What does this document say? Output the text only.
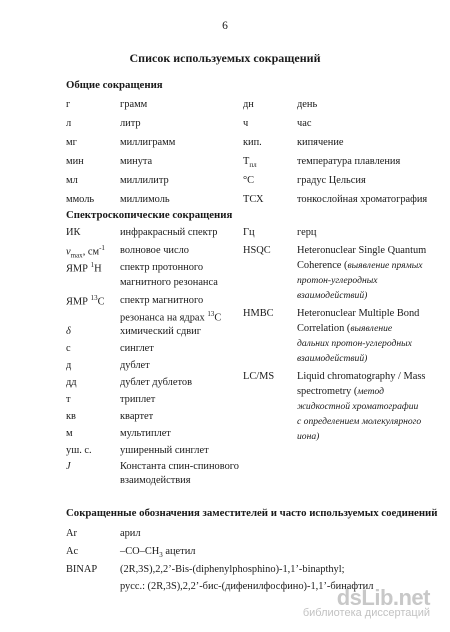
6
Список используемых сокращений
Общие сокращения
г	грамм
л	литр
мг	миллиграмм
мин	минута
мл	миллилитр
ммоль миллимоль
дн	день
ч	час
кип.	кипячение
$Т_{пл}$	температура плавления
°С	градус Цельсия
ТСХ	тонкослойная хроматография
Спектроскопические сокращения
ИК	инфракрасный спектр
$\nu_{max}$, $см^{-1}$ волновое число
ЯМР $^1$H спектр протонного
магнитного резонанса
ЯМР $^{13}$C спектр магнитного
резонанса на ядрах $^{13}$C
δ	химический сдвиг
с	синглет
д	дублет
дд	дублет дублетов
т	триплет
кв	квартет
м	мультиплет
уш. с.	уширенный синглет
J	Константа спин-спинового
взаимодействия
Гц	герц
HSQC	Heteronuclear Single Quantum
Coherence (выявление прямых
протон-углеродных
взаимодействий)
HMBC Heteronuclear Multiple Bond
Correlation (выявление
дальних протон-углеродных
взаимодействий)
LC/MS Liquid chromatography / Mass
spectrometry (метод
жидкостной хроматографии
с определением молекулярного
иона)
Сокращенные обозначения заместителей и часто используемых соединений
Ar	арил
Ac	$-CO-CH_3$ ацетил
BINAP (2R,3S),2,2’-Bis-(diphenylphosphino)-1,1’-binapthyl;
русс.: (2R,3S),2,2’-бис-(дифенилфосфино)-1,1’-бинафтил
dsLib.net
библиотека диссертаций
